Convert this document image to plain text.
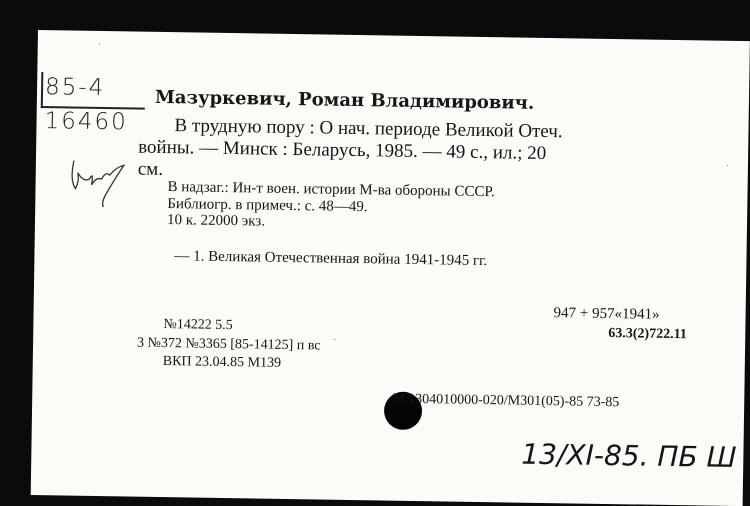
85-4
16460
Мазуркевич, Роман Владимирович.
В трудную пору : О нач. периоде Великой Отеч.
войны. — Минск : Беларусь, 1985. — 49 с., ил.; 20
см.
В надзаг.: Ин-т воен. истории М-ва обороны СССР.
Библиогр. в примеч.: с. 48—49.
10 к. 22000 экз.
— 1. Великая Отечественная война 1941-1945 гг.
947 + 957«1941»
63.3(2)722.11
№14222 5.5
3 №372 №3365 [85-14125] п вс
ВКП 23.04.85 М139
М 1304010000-020/М301(05)-85 73-85
13/XI-85. ПБ Ш
·
·
·
